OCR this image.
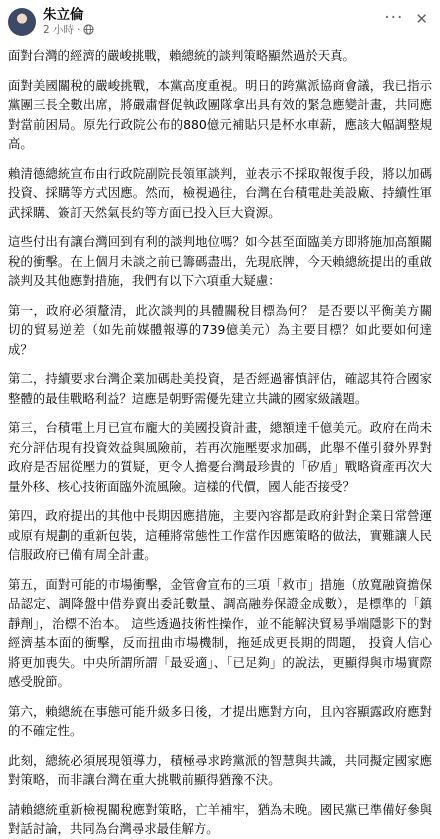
朱立倫
2 小時 ·
··· ✕

面對台灣的經濟的嚴峻挑戰，賴總統的談判策略顯然過於天真。

面對美國關稅的嚴峻挑戰，本黨高度重視。明日的跨黨派協商會議，我已指示黨團三長全數出席，將嚴肅督促執政團隊拿出具有效的緊急應變計畫，共同應對當前困局。原先行政院公布的880億元補貼只是杯水車薪，應該大幅調整規高。

賴清德總統宣布由行政院副院長領軍談判，並表示不採取報復手段，將以加碼投資、採購等方式因應。然而，檢視過往，台灣在台積電赴美設廠、持續性軍武採購、簽訂天然氣長約等方面已投入巨大資源。

這些付出有讓台灣回到有利的談判地位嗎？如今甚至面臨美方即將施加高額關稅的衝擊。在上個月未談之前已籌碼盡出，先現底牌，今天賴總統提出的重啟談判及其他應對措施，我們有以下六項重大疑慮：

第一，政府必須釐清，此次談判的具體關稅目標為何？ 是否要以平衡美方關切的貿易逆差（如先前媒體報導的739億美元）為主要目標？如此要如何達成？

第二，持續要求台灣企業加碼赴美投資，是否經過審慎評估，確認其符合國家整體的最佳戰略利益？這應是朝野需優先建立共識的國家級議題。

第三，台積電上月已宣布龐大的美國投資計畫，總額達千億美元。政府在尚未充分評估現有投資效益與風險前，若再次施壓要求加碼，此舉不僅引發外界對政府是否屈從壓力的質疑，更令人擔憂台灣最珍貴的「矽盾」戰略資產再次大量外移、核心技術面臨外流風險。這樣的代價，國人能否接受？

第四，政府提出的其他中長期因應措施，主要內容都是政府針對企業日常營運或原有規劃的重新包裝，這種將常態性工作當作因應策略的做法，實難讓人民信服政府已備有周全計畫。

第五，面對可能的市場衝擊，金管會宣布的三項「救市」措施（放寬融資擔保品認定、調降盤中借券賣出委託數量、調高融券保證金成數），是標準的「鎮靜劑」，治標不治本。 這些透過技術性操作，並不能解決貿易爭端隱影下的對經濟基本面的衝擊，反而扭曲市場機制，拖延成更長期的問題， 投資人信心將更加喪失。中央所謂所謂「最妥適」、「已足夠」的說法，更顯得與市場實際感受脫節。

第六，賴總統在事態可能升級多日後，才提出應對方向，且內容顯露政府應對的不確定性。

此刻，總統必須展現領導力，積極尋求跨黨派的智慧與共識，共同擬定國家應對策略，而非讓台灣在重大挑戰前顯得猶豫不決。

請賴總統重新檢視關稅應對策略，亡羊補牢，猶為未晚。國民黨已準備好參與對話討論，共同為台灣尋求最佳解方。
